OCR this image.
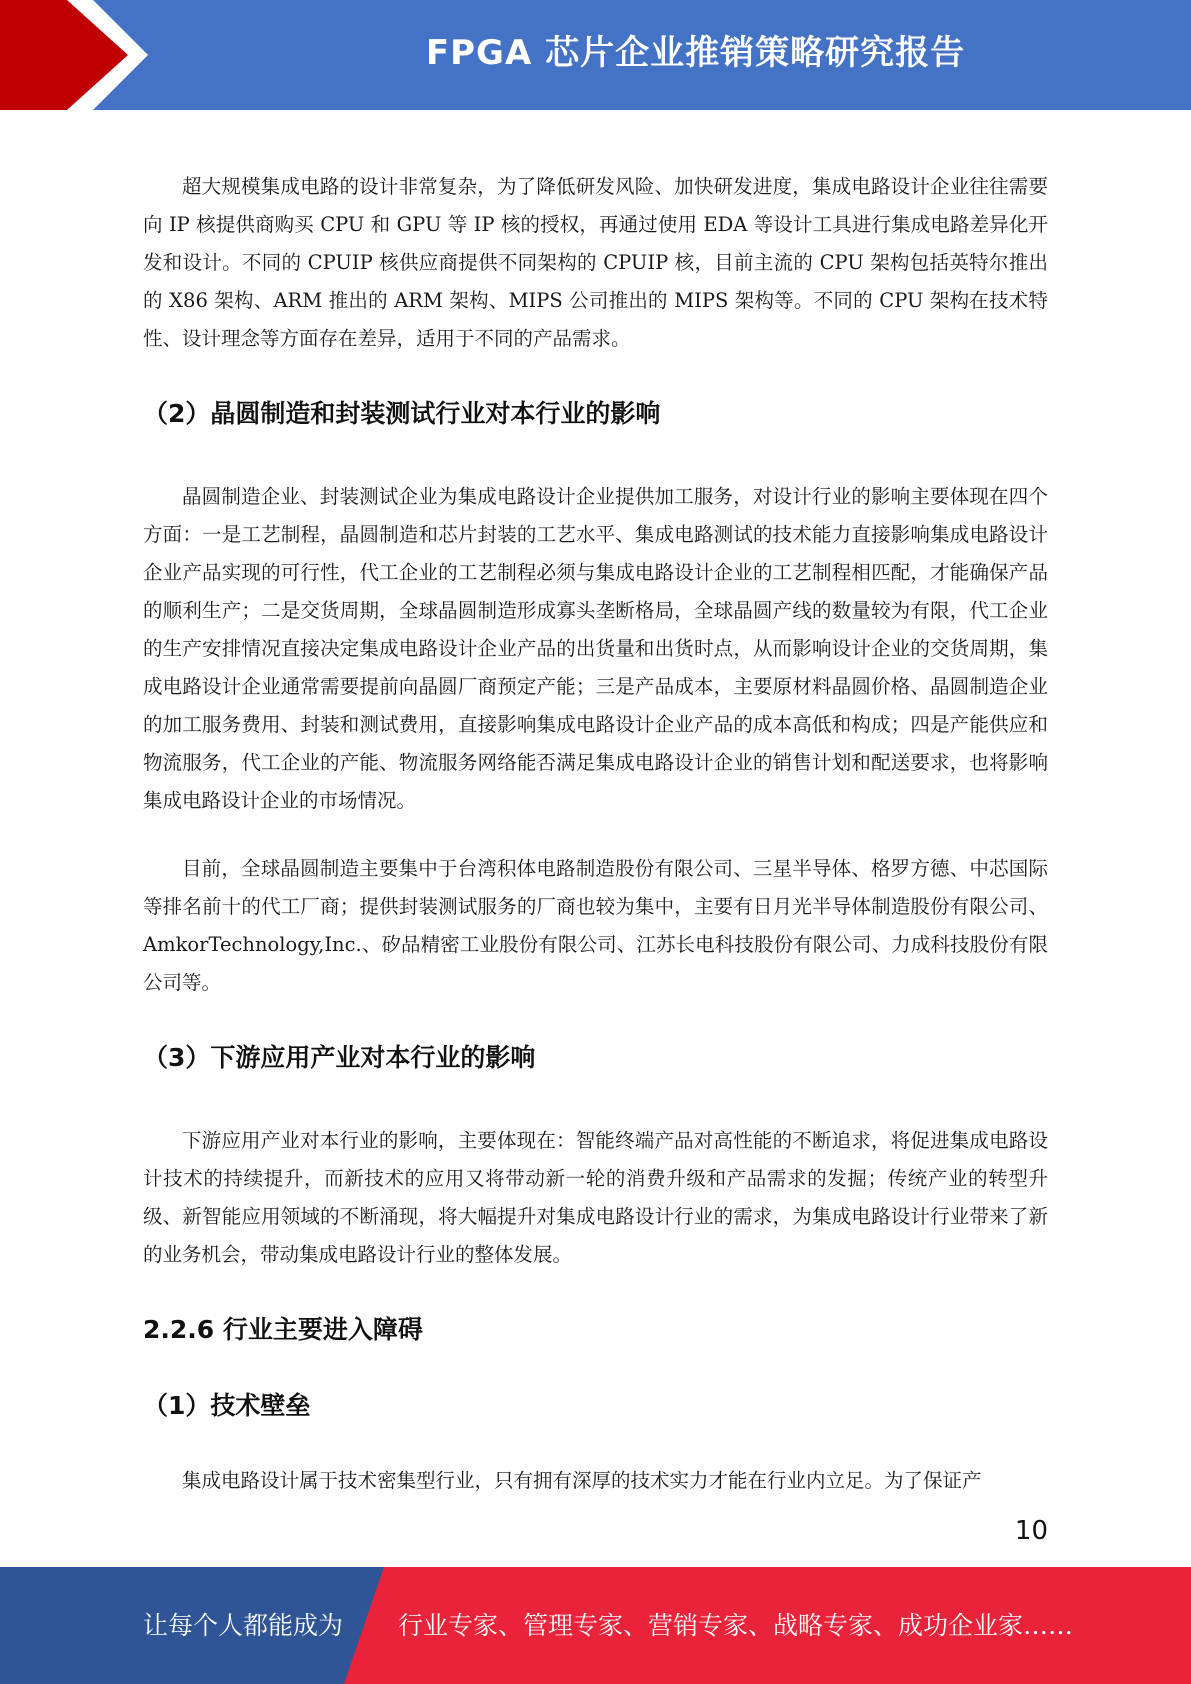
FPGA 芯片企业推销策略研究报告

超大规模集成电路的设计非常复杂，为了降低研发风险、加快研发进度，集成电路设计企业往往需要向 IP 核提供商购买 CPU 和 GPU 等 IP 核的授权，再通过使用 EDA 等设计工具进行集成电路差异化开发和设计。不同的 CPUIP 核供应商提供不同架构的 CPUIP 核，目前主流的 CPU 架构包括英特尔推出的 X86 架构、ARM 推出的 ARM 架构、MIPS 公司推出的 MIPS 架构等。不同的 CPU 架构在技术特性、设计理念等方面存在差异，适用于不同的产品需求。

（2）晶圆制造和封装测试行业对本行业的影响

晶圆制造企业、封装测试企业为集成电路设计企业提供加工服务，对设计行业的影响主要体现在四个方面：一是工艺制程，晶圆制造和芯片封装的工艺水平、集成电路测试的技术能力直接影响集成电路设计企业产品实现的可行性，代工企业的工艺制程必须与集成电路设计企业的工艺制程相匹配，才能确保产品的顺利生产；二是交货周期，全球晶圆制造形成寡头垄断格局，全球晶圆产线的数量较为有限，代工企业的生产安排情况直接决定集成电路设计企业产品的出货量和出货时点，从而影响设计企业的交货周期，集成电路设计企业通常需要提前向晶圆厂商预定产能；三是产品成本，主要原材料晶圆价格、晶圆制造企业的加工服务费用、封装和测试费用，直接影响集成电路设计企业产品的成本高低和构成；四是产能供应和物流服务，代工企业的产能、物流服务网络能否满足集成电路设计企业的销售计划和配送要求，也将影响集成电路设计企业的市场情况。

目前，全球晶圆制造主要集中于台湾积体电路制造股份有限公司、三星半导体、格罗方德、中芯国际等排名前十的代工厂商；提供封装测试服务的厂商也较为集中，主要有日月光半导体制造股份有限公司、AmkorTechnology,Inc.、矽品精密工业股份有限公司、江苏长电科技股份有限公司、力成科技股份有限公司等。

（3）下游应用产业对本行业的影响

下游应用产业对本行业的影响，主要体现在：智能终端产品对高性能的不断追求，将促进集成电路设计技术的持续提升，而新技术的应用又将带动新一轮的消费升级和产品需求的发掘；传统产业的转型升级、新智能应用领域的不断涌现，将大幅提升对集成电路设计行业的需求，为集成电路设计行业带来了新的业务机会，带动集成电路设计行业的整体发展。

2.2.6 行业主要进入障碍
（1）技术壁垒

集成电路设计属于技术密集型行业，只有拥有深厚的技术实力才能在行业内立足。为了保证产

10
让每个人都能成为 行业专家、管理专家、营销专家、战略专家、成功企业家……
